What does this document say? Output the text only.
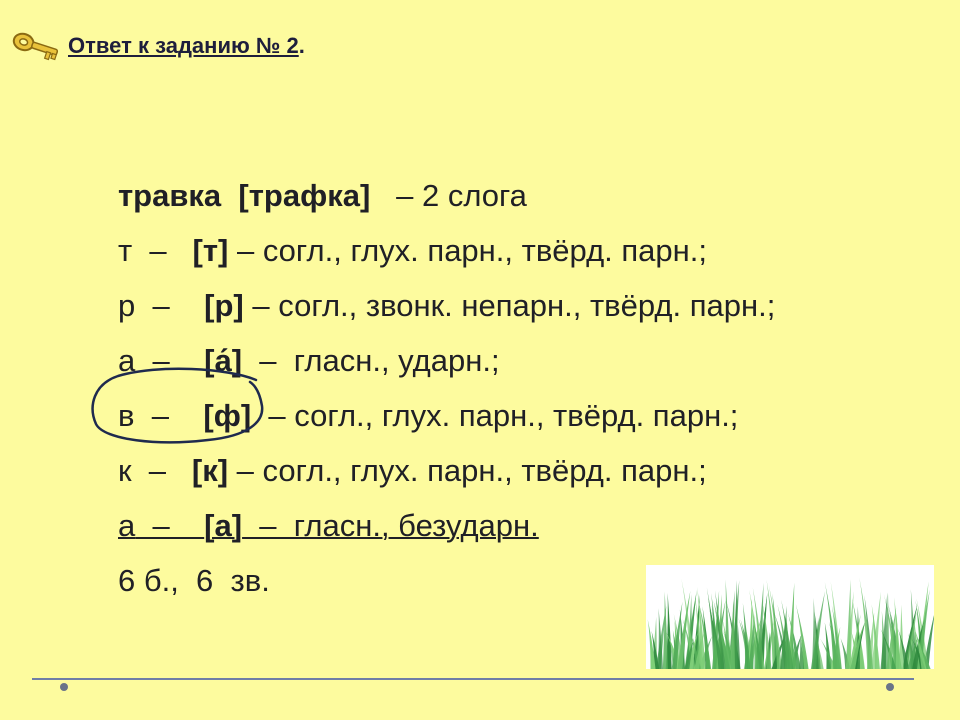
Ответ к заданию № 2.
травка [трафка]   – 2 слога
т  –   [т] – согл., глух. парн., твёрд. парн.;
р  –    [р] – согл., звонк. непарн., твёрд. парн.;
а  –    [а́]  –  гласн., ударн.;
в  –    [ф]  – согл., глух. парн., твёрд. парн.;
к  –   [к] – согл., глух. парн., твёрд. парн.;
а  –    [а]  –  гласн., безударн.
6 б.,  6  зв.
